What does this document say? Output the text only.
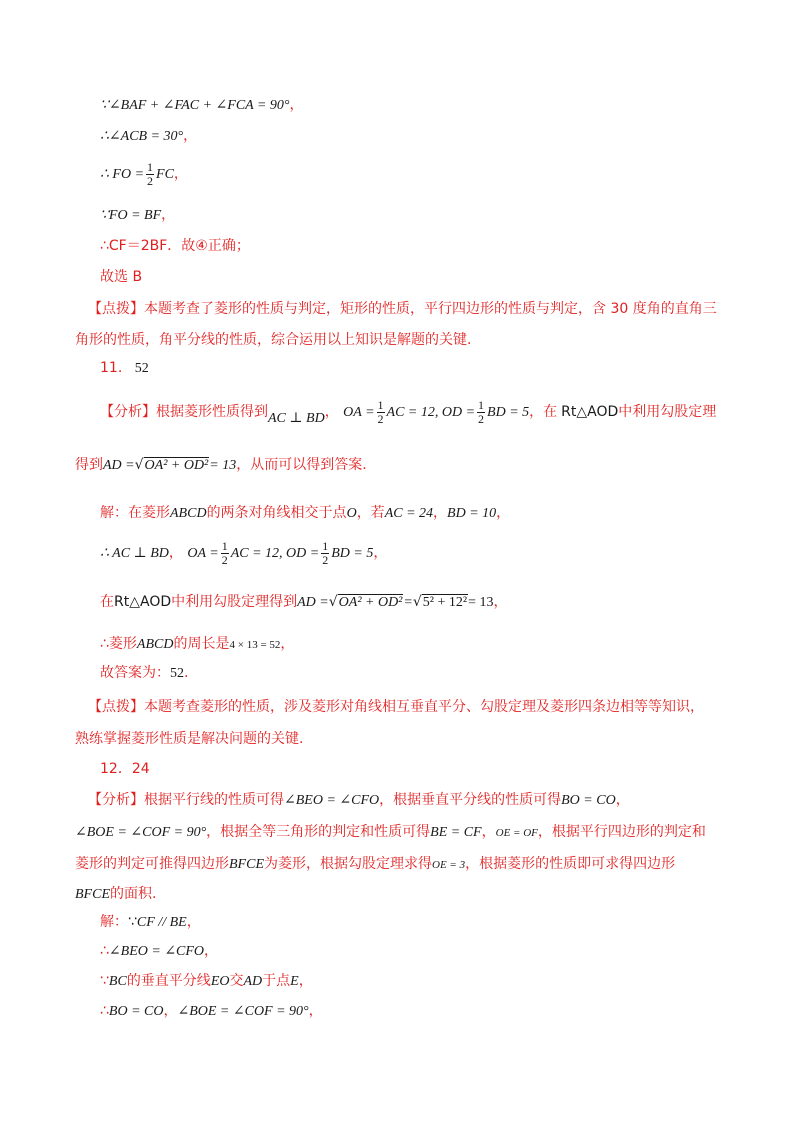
∵∠BAF + ∠FAC + ∠FCA = 90°，
∴∠ACB = 30°，
∴ FO = $\frac{1}{2}$ FC，
∵FO = BF，
∴CF＝2BF．故④正确；
故选 B
【点拨】本题考查了菱形的性质与判定，矩形的性质，平行四边形的性质与判定，含 30 度角的直角三
角形的性质，角平分线的性质，综合运用以上知识是解题的关键.
11. 52
【分析】根据菱形性质得到AC ⊥ BD， OA = $\frac{1}{2}$ AC = 12, OD = $\frac{1}{2}$ BD = 5，在 Rt△AOD中利用勾股定理
得到AD =√OA² + OD²= 13，从而可以得到答案.
解：在菱形ABCD的两条对角线相交于点O，若AC = 24，BD = 10，
∴ AC ⊥ BD， OA = $\frac{1}{2}$ AC = 12, OD = $\frac{1}{2}$ BD = 5，
在Rt△AOD中利用勾股定理得到AD =√OA² + OD²=√5² + 12²= 13，
∴菱形ABCD的周长是4 × 13 = 52，
故答案为：52.
【点拨】本题考查菱形的性质，涉及菱形对角线相互垂直平分、勾股定理及菱形四条边相等等知识，
熟练掌握菱形性质是解决问题的关键.
12．24
【分析】根据平行线的性质可得∠BEO = ∠CFO，根据垂直平分线的性质可得BO = CO，
∠BOE = ∠COF = 90°，根据全等三角形的判定和性质可得BE = CF，OE = OF，根据平行四边形的判定和
菱形的判定可推得四边形BFCE为菱形，根据勾股定理求得OE = 3，根据菱形的性质即可求得四边形
BFCE的面积.
解：∵CF // BE，
∴∠BEO = ∠CFO，
∵BC的垂直平分线EO交AD于点E，
∴BO = CO，∠BOE = ∠COF = 90°，
